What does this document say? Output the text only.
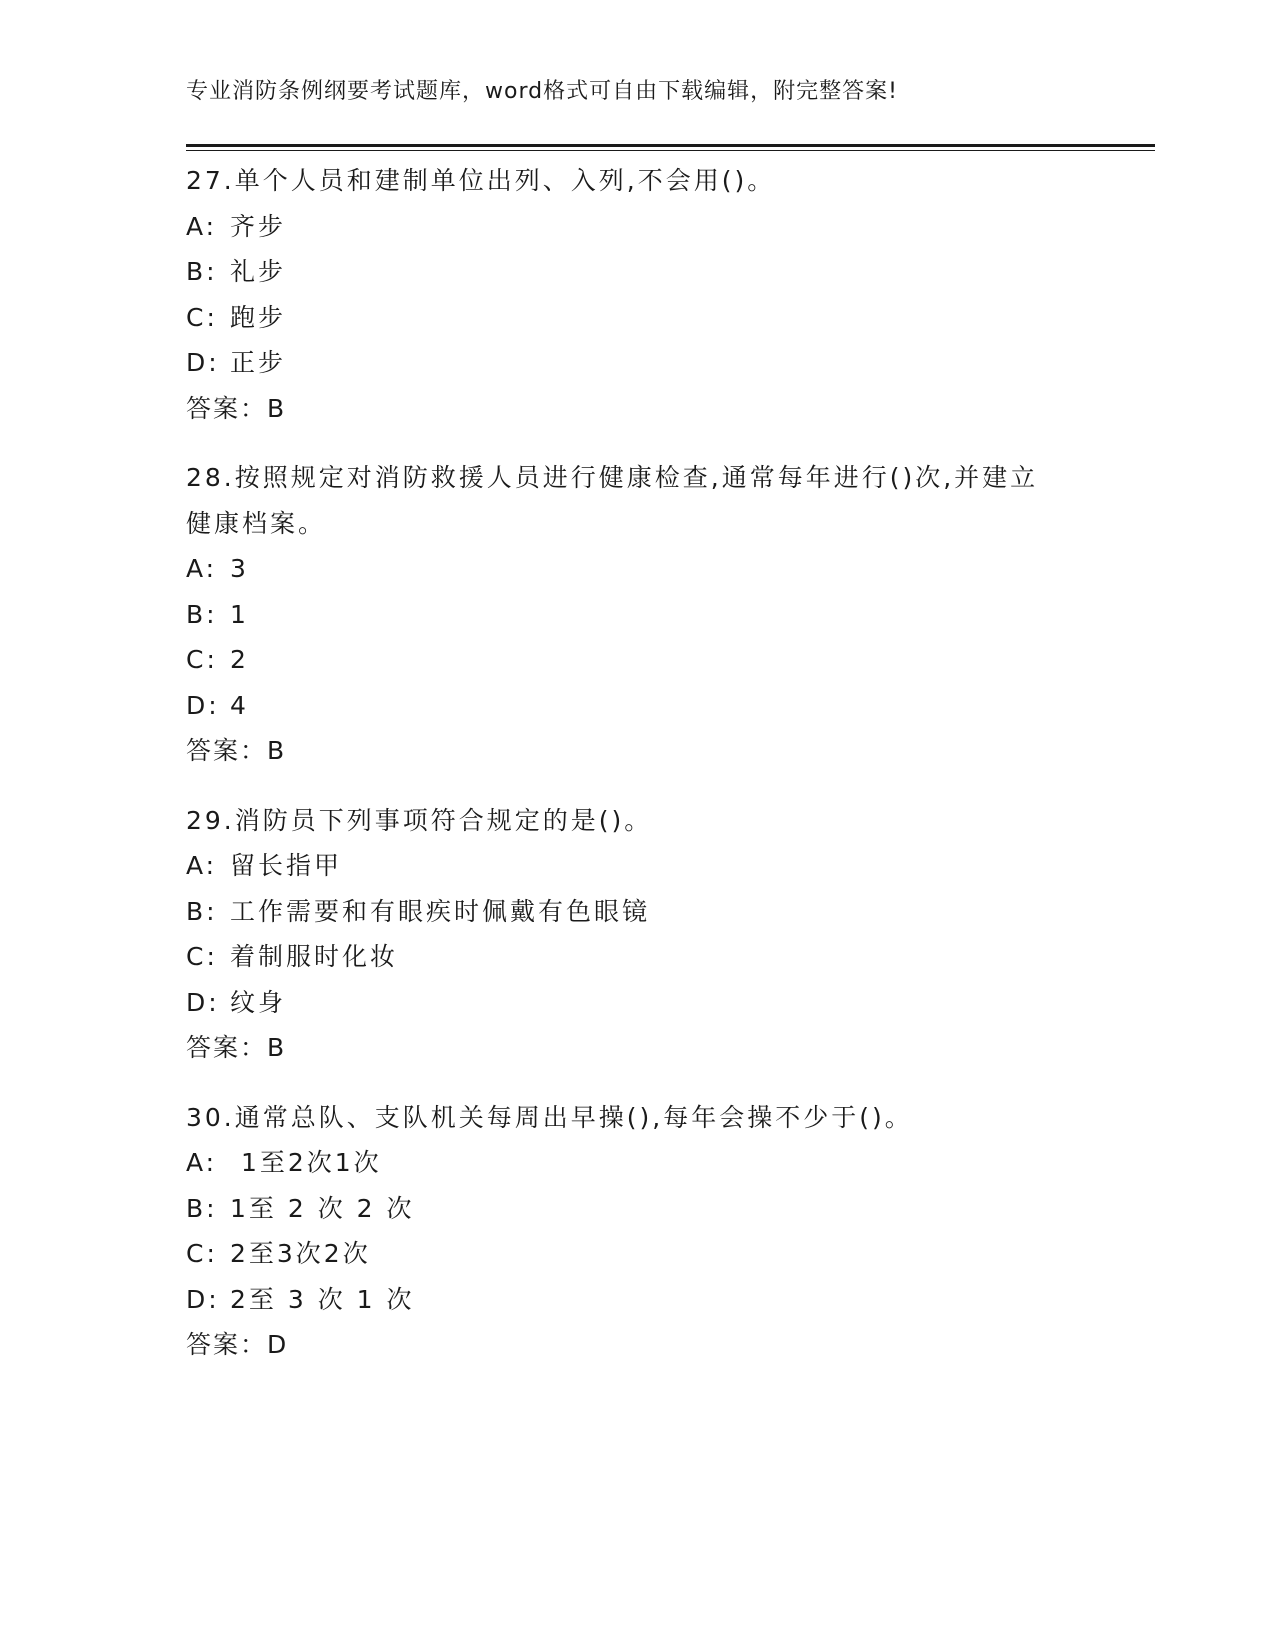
专业消防条例纲要考试题库，word格式可自由下载编辑，附完整答案!
27.单个人员和建制单位出列、入列,不会用()。
A: 齐步
B: 礼步
C: 跑步
D: 正步
答案：B
28.按照规定对消防救援人员进行健康检查,通常每年进行()次,并建立健康档案。
A: 3
B: 1
C: 2
D: 4
答案：B
29.消防员下列事项符合规定的是()。
A: 留长指甲
B: 工作需要和有眼疾时佩戴有色眼镜
C: 着制服时化妆
D: 纹身
答案：B
30.通常总队、支队机关每周出早操(),每年会操不少于()。
A: 1至2次1次
B: 1至 2 次 2 次
C: 2至3次2次
D: 2至 3 次 1 次
答案：D
